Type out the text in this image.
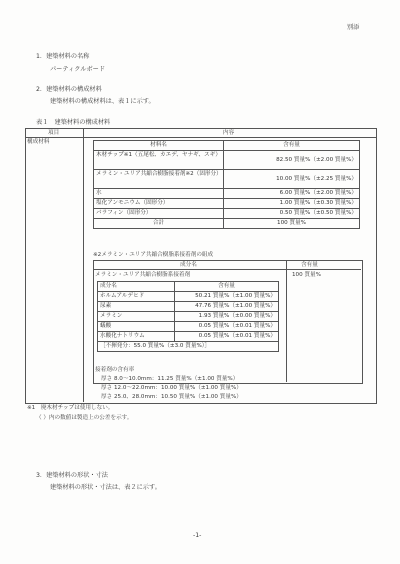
別添
1．建築材料の名称
パーティクルボード
2．建築材料の構成材料
建築材料の構成材料は、表１に示す。
表１　建築材料の構成材料
項目	内容
構成材料	材料名	含有量
木材チップ※1（五尾松、カエデ、ヤナギ、スギ）	82.50 質量%（±2.00 質量%）
メラミン・ユリア共縮合樹脂接着剤※2（固形分）	10.00 質量%（±2.25 質量%）
水	6.00 質量%（±2.00 質量%）
塩化アンモニウム（固形分）	1.00 質量%（±0.30 質量%）
パラフィン（固形分）	0.50 質量%（±0.50 質量%）
合計	100 質量%
※2メラミン・ユリア共縮合樹脂系接着剤の組成
成分名	含有量
メラミン・ユリア共縮合樹脂系接着剤	100 質量%
成分名	含有量
ホルムアルデヒド	50.21 質量%（±1.00 質量%）
尿素	47.76 質量%（±1.00 質量%）
メラミン	1.93 質量%（±0.00 質量%）
蟻酸	0.05 質量%（±0.01 質量%）
水酸化ナトリウム	0.05 質量%（±0.01 質量%）
［不揮発分：55.0 質量%（±3.0 質量%）］	
接着剤の含有率
厚さ 8.0〜10.0mm：11.25 質量%（±1.00 質量%）
厚さ 12.0〜22.0mm：10.00 質量%（±1.00 質量%）
厚さ 25.0、28.0mm：10.50 質量%（±1.00 質量%）
※1　廃木材チップは使用しない。
（ ）内の数値は製造上の公差を示す。
3．建築材料の形状・寸法
建築材料の形状・寸法は、表２に示す。
-1-
